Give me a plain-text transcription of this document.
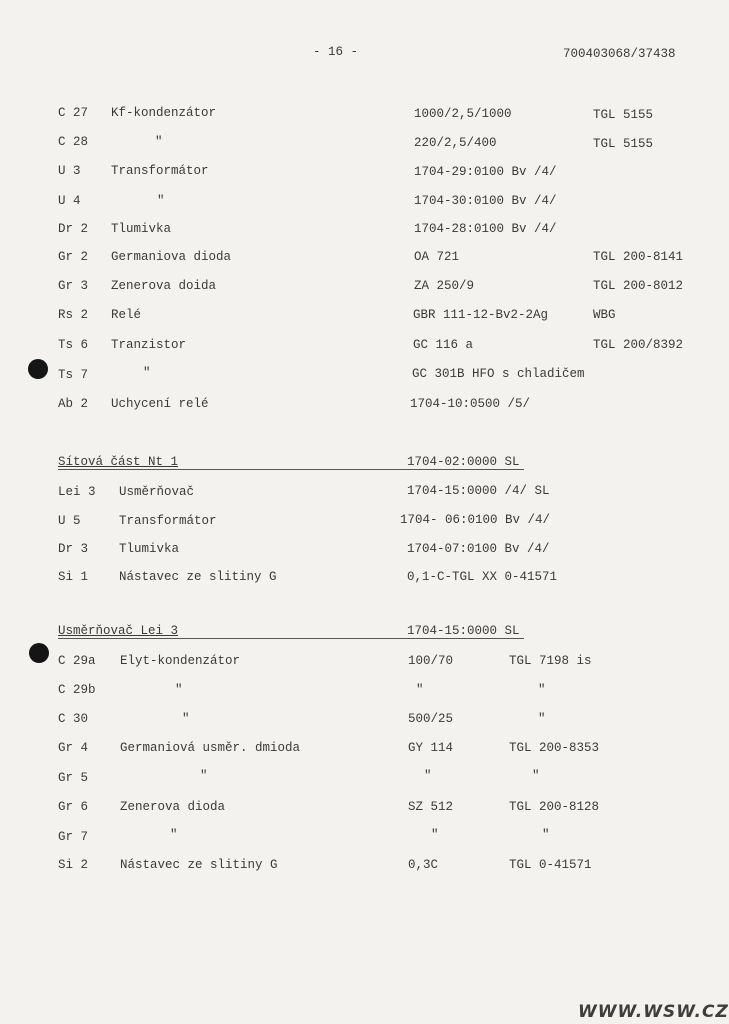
- 16 -	700403068/37438
C 27 Kf-kondenzátor	1000/2,5/1000	TGL 5155
C 28	"	220/2,5/400	TGL 5155
U 3 Transformátor	1704-29:0100 Bv /4/
U 4	"	1704-30:0100 Bv /4/
Dr 2 Tlumivka	1704-28:0100 Bv /4/
Gr 2 Germaniova dioda	OA 721	TGL 200-8141
Gr 3 Zenerova doida	ZA 250/9	TGL 200-8012
Rs 2 Relé	GBR 111-12-Bv2-2Ag	WBG
Ts 6 Tranzistor	GC 116 a	TGL 200/8392
Ts 7	"	GC 301B HFO s chladičem
Ab 2 Uchycení relé	1704-10:0500 /5/
Sítová část Nt 1	1704-02:0000 SL
Lei 3 Usměrňovač	1704-15:0000 /4/ SL
U 5	Transformátor	1704- 06:0100 Bv /4/
Dr 3 Tlumivka	1704-07:0100 Bv /4/
Si 1 Nástavec ze slitiny G	0,1-C-TGL XX 0-41571
Usměrňovač Lei 3	1704-15:0000 SL
C 29a Elyt-kondenzátor	100/70	TGL 7198 is
C 29b	"	"	"
C 30	"	500/25	"
Gr 4	Germaniová usměr. dmioda	GY 114	TGL 200-8353
Gr 5	"	"	"
Gr 6	Zenerova dioda	SZ 512	TGL 200-8128
Gr 7	"	"	"
Si 2	Nástavec ze slitiny G	0,3C	TGL 0-41571
WWW.WSW.CZ
